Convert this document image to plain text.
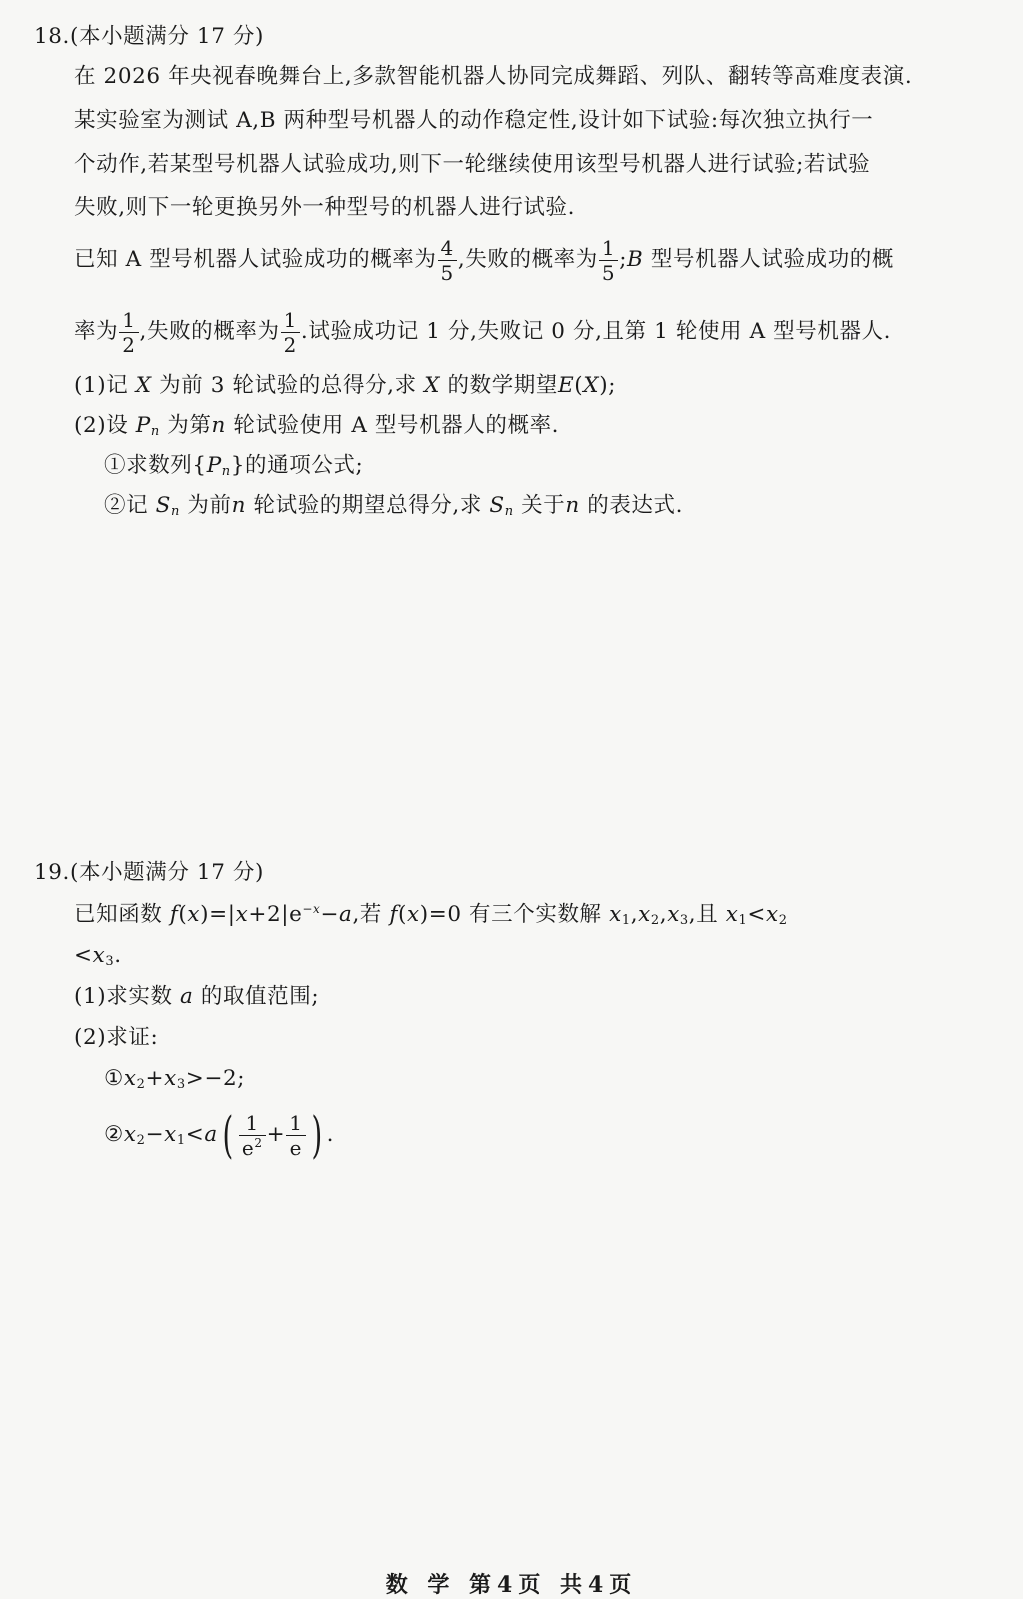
18.(本小题满分 17 分)
在 2026 年央视春晚舞台上,多款智能机器人协同完成舞蹈、列队、翻转等高难度表演.
某实验室为测试 A,B 两种型号机器人的动作稳定性,设计如下试验:每次独立执行一
个动作,若某型号机器人试验成功,则下一轮继续使用该型号机器人进行试验;若试验
失败,则下一轮更换另外一种型号的机器人进行试验.
已知 A 型号机器人试验成功的概率为 $\frac{4}{5}$ ,失败的概率为 $\frac{1}{5}$ ;B 型号机器人试验成功的概
率为 $\frac{1}{2}$ ,失败的概率为 $\frac{1}{2}$ .试验成功记 1 分,失败记 0 分,且第 1 轮使用 A 型号机器人.
(1)记 X 为前 3 轮试验的总得分,求 X 的数学期望E(X);
(2)设 $P_n$ 为第n 轮试验使用 A 型号机器人的概率.
①求数列$\{P_n\}$的通项公式;
②记 $S_n$ 为前n 轮试验的期望总得分,求 $S_n$ 关于n 的表达式.
19.(本小题满分 17 分)
已知函数 $f(x)=|x+2|e^{-x}-a$,若 f(x)=0 有三个实数解 $x_1,x_2,x_3$,且 $x_1<x_2$
$<x_3$.
(1)求实数 a 的取值范围;
(2)求证:
$①x_2+x_3>-2$;
$②x_2-x_1<a( \frac{1}{e^2} + \frac{1}{e}$ ) .
数 学 第4页 共4页
